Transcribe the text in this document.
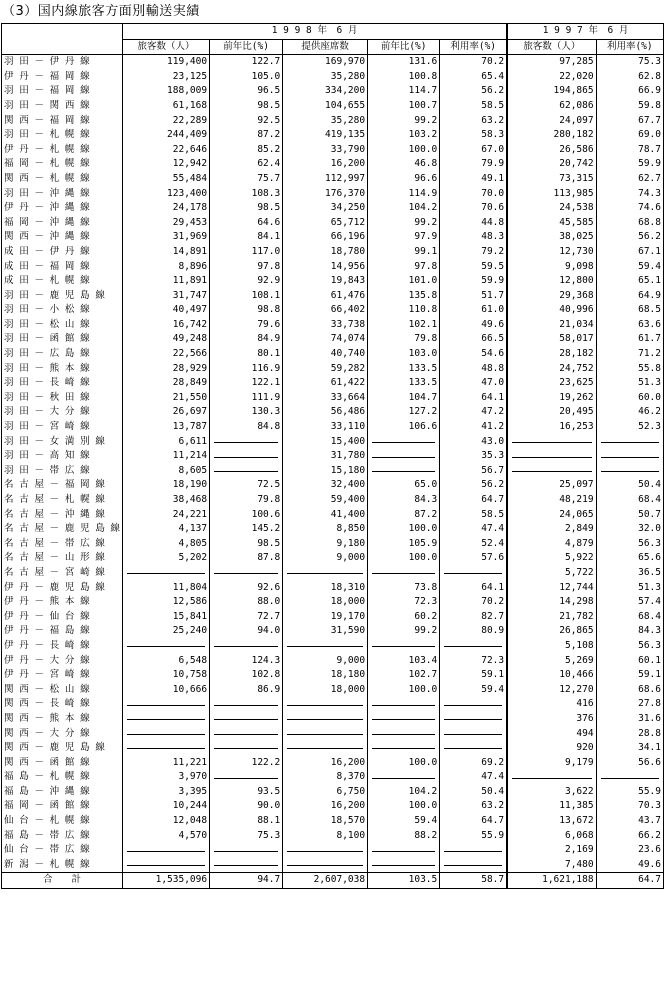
（3）国内線旅客方面別輸送実績
	1 9 9 8 年　6 月					1 9 9 7 年　6 月	
	旅客数（人）	前年比(%)	提供座席数	前年比(%)	利用率(%)	旅客数（人）	利用率(%)
羽 田 － 伊 丹 線	119,400	122.7	169,970	131.6	70.2	97,285	75.3
伊 丹 － 福 岡 線	23,125	105.0	35,280	100.8	65.4	22,020	62.8
羽 田 － 福 岡 線	188,009	96.5	334,200	114.7	56.2	194,865	66.9
羽 田 － 関 西 線	61,168	98.5	104,655	100.7	58.5	62,086	59.8
関 西 － 福 岡 線	22,289	92.5	35,280	99.2	63.2	24,097	67.7
羽 田 － 札 幌 線	244,409	87.2	419,135	103.2	58.3	280,182	69.0
伊 丹 － 札 幌 線	22,646	85.2	33,790	100.0	67.0	26,586	78.7
福 岡 － 札 幌 線	12,942	62.4	16,200	46.8	79.9	20,742	59.9
関 西 － 札 幌 線	55,484	75.7	112,997	96.6	49.1	73,315	62.7
羽 田 － 沖 縄 線	123,400	108.3	176,370	114.9	70.0	113,985	74.3
伊 丹 － 沖 縄 線	24,178	98.5	34,250	104.2	70.6	24,538	74.6
福 岡 － 沖 縄 線	29,453	64.6	65,712	99.2	44.8	45,585	68.8
関 西 － 沖 縄 線	31,969	84.1	66,196	97.9	48.3	38,025	56.2
成 田 － 伊 丹 線	14,891	117.0	18,780	99.1	79.2	12,730	67.1
成 田 － 福 岡 線	8,896	97.8	14,956	97.8	59.5	9,098	59.4
成 田 － 札 幌 線	11,891	92.9	19,843	101.0	59.9	12,800	65.1
羽 田 － 鹿 児 島 線	31,747	108.1	61,476	135.8	51.7	29,368	64.9
羽 田 － 小 松 線	40,497	98.8	66,402	110.8	61.0	40,996	68.5
羽 田 － 松 山 線	16,742	79.6	33,738	102.1	49.6	21,034	63.6
羽 田 － 函 館 線	49,248	84.9	74,074	79.8	66.5	58,017	61.7
羽 田 － 広 島 線	22,566	80.1	40,740	103.0	54.6	28,182	71.2
羽 田 － 熊 本 線	28,929	116.9	59,282	133.5	48.8	24,752	55.8
羽 田 － 長 崎 線	28,849	122.1	61,422	133.5	47.0	23,625	51.3
羽 田 － 秋 田 線	21,550	111.9	33,664	104.7	64.1	19,262	60.0
羽 田 － 大 分 線	26,697	130.3	56,486	127.2	47.2	20,495	46.2
羽 田 － 宮 崎 線	13,787	84.8	33,110	106.6	41.2	16,253	52.3
羽 田 － 女 満 別 線	6,611		15,400		43.0	

羽 田 － 高 知 線	11,214		31,780		35.3	

羽 田 － 帯 広 線	8,605		15,180		56.7	

名 古 屋 － 福 岡 線	18,190	72.5	32,400	65.0	56.2	25,097	50.4
名 古 屋 － 札 幌 線	38,468	79.8	59,400	84.3	64.7	48,219	68.4
名 古 屋 － 沖 縄 線	24,221	100.6	41,400	87.2	58.5	24,065	50.7
名 古 屋 － 鹿 児 島 線	4,137	145.2	8,850	100.0	47.4	2,849	32.0
名 古 屋 － 帯 広 線	4,805	98.5	9,180	105.9	52.4	4,879	56.3
名 古 屋 － 山 形 線	5,202	87.8	9,000	100.0	57.6	5,922	65.6
名 古 屋 － 宮 崎 線						5,722	36.5
伊 丹 － 鹿 児 島 線	11,804	92.6	18,310	73.8	64.1	12,744	51.3
伊 丹 － 熊 本 線	12,586	88.0	18,000	72.3	70.2	14,298	57.4
伊 丹 － 仙 台 線	15,841	72.7	19,170	60.2	82.7	21,782	68.4
伊 丹 － 福 島 線	25,240	94.0	31,590	99.2	80.9	26,865	84.3
伊 丹 － 長 崎 線						5,108	56.3
伊 丹 － 大 分 線	6,548	124.3	9,000	103.4	72.3	5,269	60.1
伊 丹 － 宮 崎 線	10,758	102.8	18,180	102.7	59.1	10,466	59.1
関 西 － 松 山 線	10,666	86.9	18,000	100.0	59.4	12,270	68.6
関 西 － 長 崎 線						416	27.8
関 西 － 熊 本 線						376	31.6
関 西 － 大 分 線						494	28.8
関 西 － 鹿 児 島 線						920	34.1
関 西 － 函 館 線	11,221	122.2	16,200	100.0	69.2	9,179	56.6
福 島 － 札 幌 線	3,970		8,370		47.4	

福 島 － 沖 縄 線	3,395	93.5	6,750	104.2	50.4	3,622	55.9
福 岡 － 函 館 線	10,244	90.0	16,200	100.0	63.2	11,385	70.3
仙 台 － 札 幌 線	12,048	88.1	18,570	59.4	64.7	13,672	43.7
福 島 － 帯 広 線	4,570	75.3	8,100	88.2	55.9	6,068	66.2
仙 台 － 帯 広 線						2,169	23.6
新 潟 － 札 幌 線						7,480	49.6
合　　計	1,535,096	94.7	2,607,038	103.5	58.7	1,621,188	64.7
